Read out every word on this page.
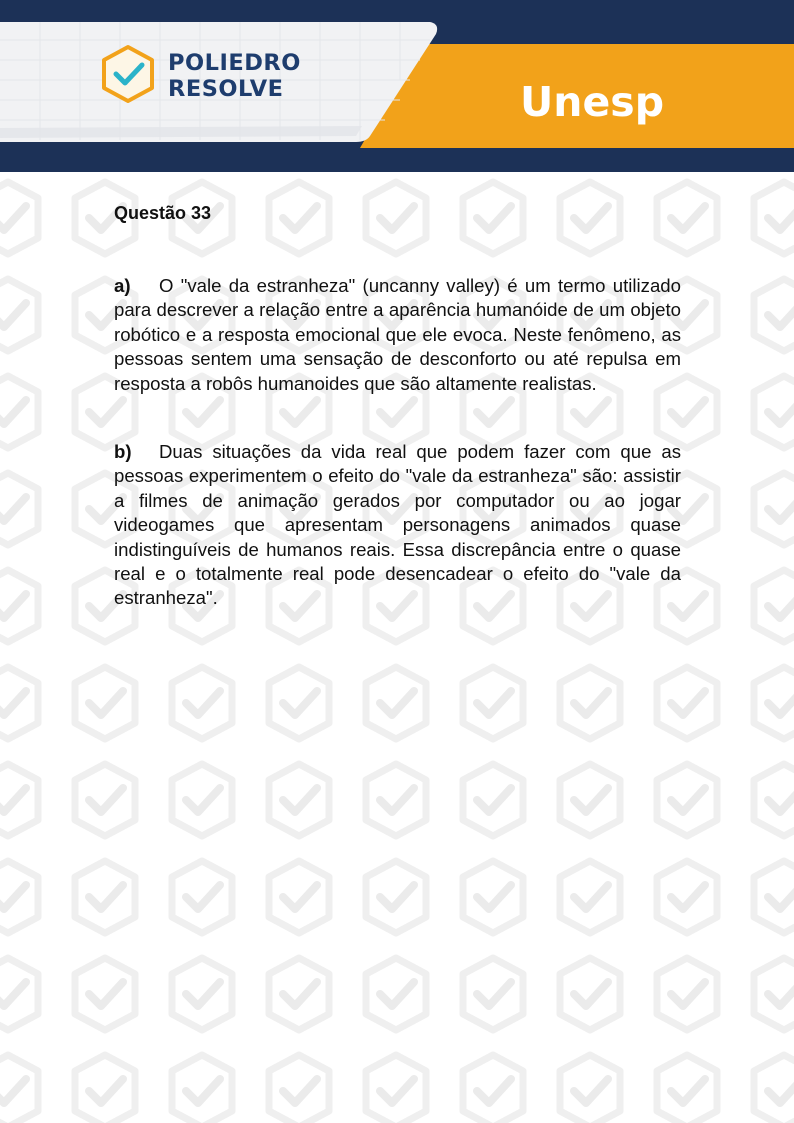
POLIEDRO
RESOLVE	Unesp
Questão 33

a) O "vale da estranheza" (uncanny valley) é um termo utilizado para descrever a relação entre a aparência humanóide de um objeto robótico e a resposta emocional que ele evoca. Neste fenômeno, as pessoas sentem uma sensação de desconforto ou até repulsa em resposta a robôs humanoides que são altamente realistas.

b) Duas situações da vida real que podem fazer com que as pessoas experimentem o efeito do "vale da estranheza" são: assistir a filmes de animação gerados por computador ou ao jogar videogames que apresentam personagens animados quase indistinguíveis de humanos reais. Essa discrepância entre o quase real e o totalmente real pode desencadear o efeito do "vale da estranheza".
